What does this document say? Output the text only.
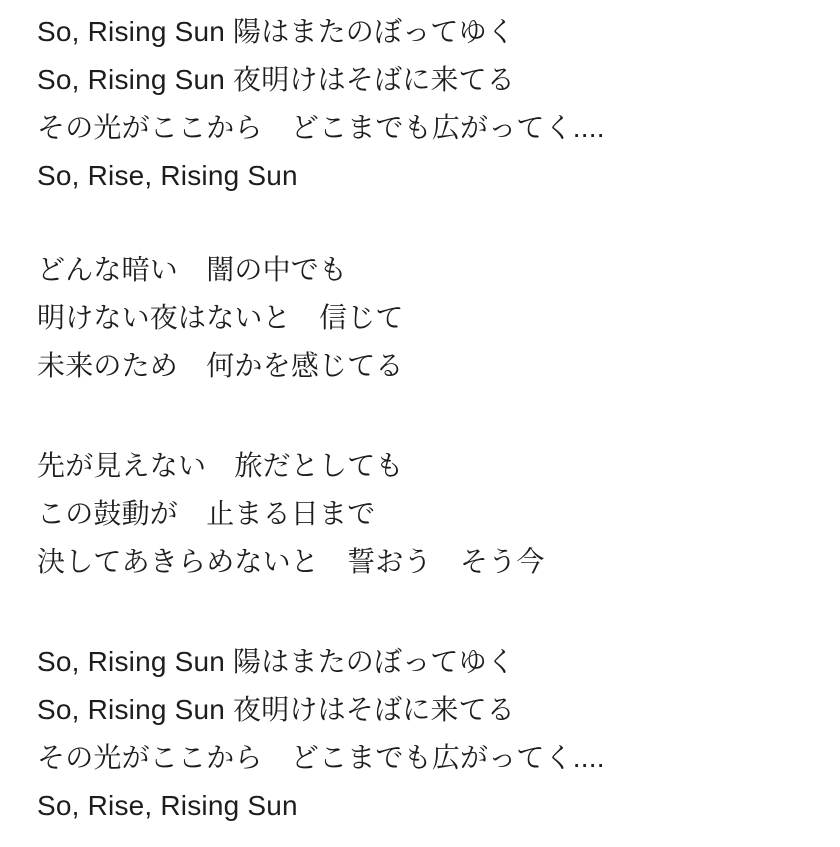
So, Rising Sun 陽はまたのぼってゆく
So, Rising Sun 夜明けはそばに来てる
その光がここから　どこまでも広がってく....
So, Rise, Rising Sun
どんな暗い　闇の中でも
明けない夜はないと　信じて
未来のため　何かを感じてる
先が見えない　旅だとしても
この鼓動が　止まる日まで
決してあきらめないと　誓おう　そう今
So, Rising Sun 陽はまたのぼってゆく
So, Rising Sun 夜明けはそばに来てる
その光がここから　どこまでも広がってく....
So, Rise, Rising Sun
